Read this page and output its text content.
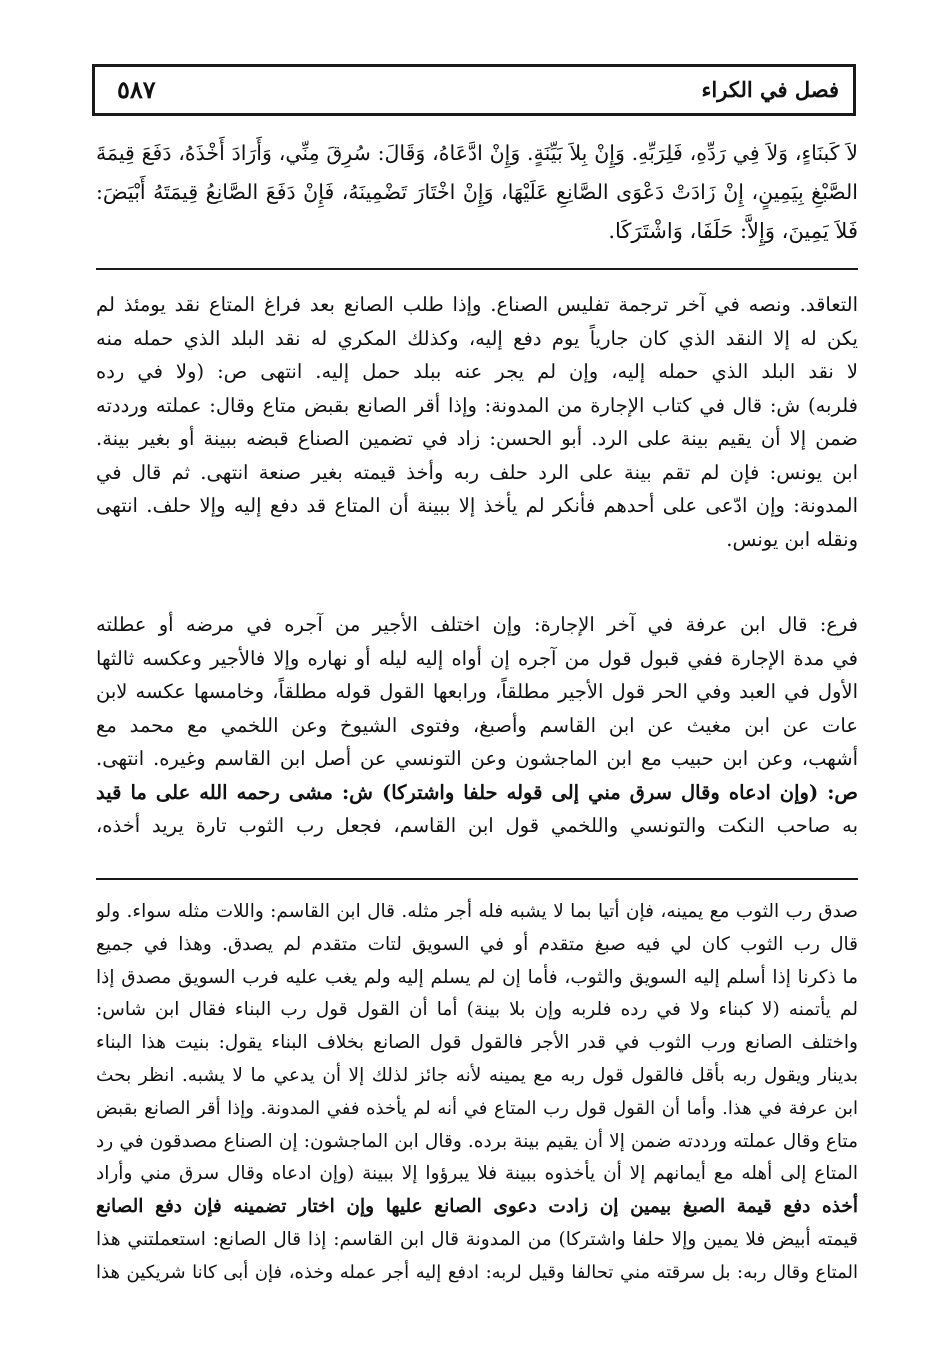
فصل في الكراء
٥٨٧
لاَ كَبنَاءٍ، وَلاَ فِي رَدِّهِ، فَلِرَبِّهِ. وَإِنْ بِلاَ بَيِّنَةٍ. وَإِنْ ادَّعَاهُ، وَقَالَ: سُرِقَ مِنِّي، وَأَرَادَ أَخْذَهُ، دَفَعَ قِيمَةَ
الصَّبْغِ بِيَمِينٍ، إِنْ زَادَتْ دَعْوَى الصَّانِعِ عَلَيْهَا، وَإِنْ اخْتَارَ تَضْمِينَهُ، فَإِنْ دَفَعَ الصَّانِعُ قِيمَتَهُ أَبْيَضَ:
فَلاَ يَمِينَ، وَإِلاَّ: حَلَفَا، وَاشْتَرَكَا.
التعاقد. ونصه في آخر ترجمة تفليس الصناع. وإذا طلب الصانع بعد فراغ المتاع نقد يومئذ لم
يكن له إلا النقد الذي كان جارياً يوم دفع إليه، وكذلك المكري له نقد البلد الذي حمله منه
لا نقد البلد الذي حمله إليه، وإن لم يجر عنه ببلد حمل إليه. انتهى ص: (ولا في رده
فلربه) ش: قال في كتاب الإجارة من المدونة: وإذا أقر الصانع بقبض متاع وقال: عملته ورددته
ضمن إلا أن يقيم بينة على الرد. أبو الحسن: زاد في تضمين الصناع قبضه ببينة أو بغير بينة.
ابن يونس: فإن لم تقم بينة على الرد حلف ربه وأخذ قيمته بغير صنعة انتهى. ثم قال في
المدونة: وإن ادّعى على أحدهم فأنكر لم يأخذ إلا ببينة أن المتاع قد دفع إليه وإلا حلف. انتهى
ونقله ابن يونس.
فرع: قال ابن عرفة في آخر الإجارة: وإن اختلف الأجير من آجره في مرضه أو عطلته
في مدة الإجارة ففي قبول قول من آجره إن أواه إليه ليله أو نهاره وإلا فالأجير وعكسه ثالثها
الأول في العبد وفي الحر قول الأجير مطلقاً، ورابعها القول قوله مطلقاً، وخامسها عكسه لابن
عات عن ابن مغيث عن ابن القاسم وأصبغ، وفتوى الشيوخ وعن اللخمي مع محمد مع
أشهب، وعن ابن حبيب مع ابن الماجشون وعن التونسي عن أصل ابن القاسم وغيره. انتهى.
ص: (وإن ادعاه وقال سرق مني إلى قوله حلفا واشتركا) ش: مشى رحمه الله على ما قيد
به صاحب النكت والتونسي واللخمي قول ابن القاسم، فجعل رب الثوب تارة يريد أخذه،
صدق رب الثوب مع يمينه، فإن أتيا بما لا يشبه فله أجر مثله. قال ابن القاسم: واللات مثله سواء. ولو
قال رب الثوب كان لي فيه صبغ متقدم أو في السويق لتات متقدم لم يصدق. وهذا في جميع
ما ذكرنا إذا أسلم إليه السويق والثوب، فأما إن لم يسلم إليه ولم يغب عليه فرب السويق مصدق إذا
لم يأتمنه (لا كبناء ولا في رده فلربه وإن بلا بينة) أما أن القول قول رب البناء فقال ابن شاس:
واختلف الصانع ورب الثوب في قدر الأجر فالقول قول الصانع بخلاف البناء يقول: بنيت هذا البناء
بدينار ويقول ربه بأقل فالقول قول ربه مع يمينه لأنه جائز لذلك إلا أن يدعي ما لا يشبه. انظر بحث
ابن عرفة في هذا. وأما أن القول قول رب المتاع في أنه لم يأخذه ففي المدونة. وإذا أقر الصانع بقبض
متاع وقال عملته ورددته ضمن إلا أن يقيم بينة برده. وقال ابن الماجشون: إن الصناع مصدقون في رد
المتاع إلى أهله مع أيمانهم إلا أن يأخذوه ببينة فلا يبرؤوا إلا ببينة (وإن ادعاه وقال سرق مني وأراد
أخذه دفع قيمة الصبغ بيمين إن زادت دعوى الصانع عليها وإن اختار تضمينه فإن دفع الصانع
قيمته أبيض فلا يمين وإلا حلفا واشتركا) من المدونة قال ابن القاسم: إذا قال الصانع: استعملتني هذا
المتاع وقال ربه: بل سرقته مني تحالفا وقيل لربه: ادفع إليه أجر عمله وخذه، فإن أبى كانا شريكين هذا
